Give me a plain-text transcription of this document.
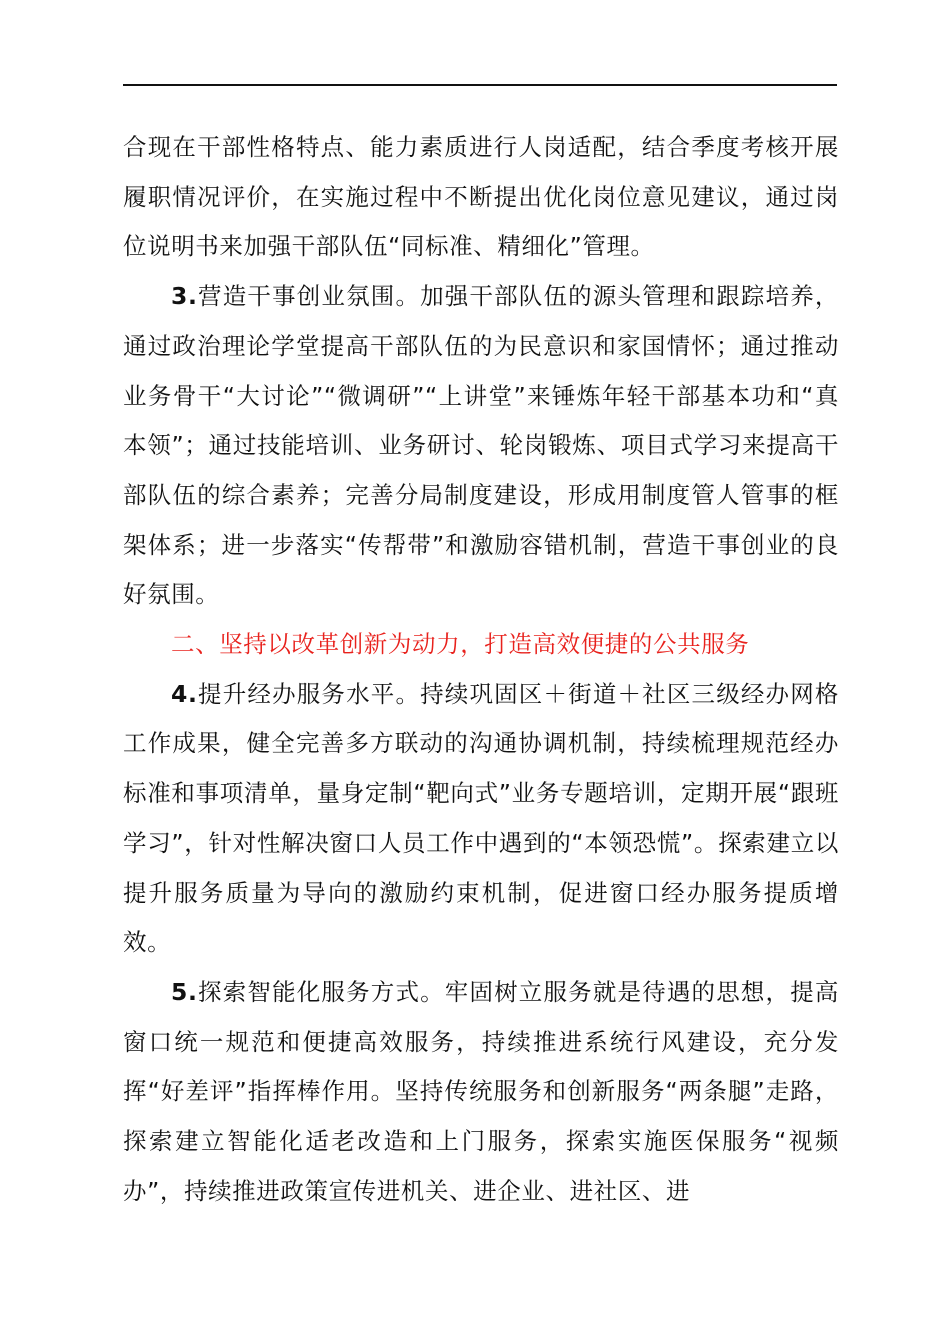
合现在干部性格特点、能力素质进行人岗适配，结合季度考核开展履职情况评价，在实施过程中不断提出优化岗位意见建议，通过岗位说明书来加强干部队伍“同标准、精细化”管理。

3.营造干事创业氛围。加强干部队伍的源头管理和跟踪培养，通过政治理论学堂提高干部队伍的为民意识和家国情怀；通过推动业务骨干“大讨论”“微调研”“上讲堂”来锤炼年轻干部基本功和“真本领”；通过技能培训、业务研讨、轮岗锻炼、项目式学习来提高干部队伍的综合素养；完善分局制度建设，形成用制度管人管事的框架体系；进一步落实“传帮带”和激励容错机制，营造干事创业的良好氛围。

二、坚持以改革创新为动力，打造高效便捷的公共服务

4.提升经办服务水平。持续巩固区＋街道＋社区三级经办网格工作成果，健全完善多方联动的沟通协调机制，持续梳理规范经办标准和事项清单，量身定制“靶向式”业务专题培训，定期开展“跟班学习”，针对性解决窗口人员工作中遇到的“本领恐慌”。探索建立以提升服务质量为导向的激励约束机制，促进窗口经办服务提质增效。

5.探索智能化服务方式。牢固树立服务就是待遇的思想，提高窗口统一规范和便捷高效服务，持续推进系统行风建设，充分发挥“好差评”指挥棒作用。坚持传统服务和创新服务“两条腿”走路，探索建立智能化适老改造和上门服务，探索实施医保服务“视频办”，持续推进政策宣传进机关、进企业、进社区、进
